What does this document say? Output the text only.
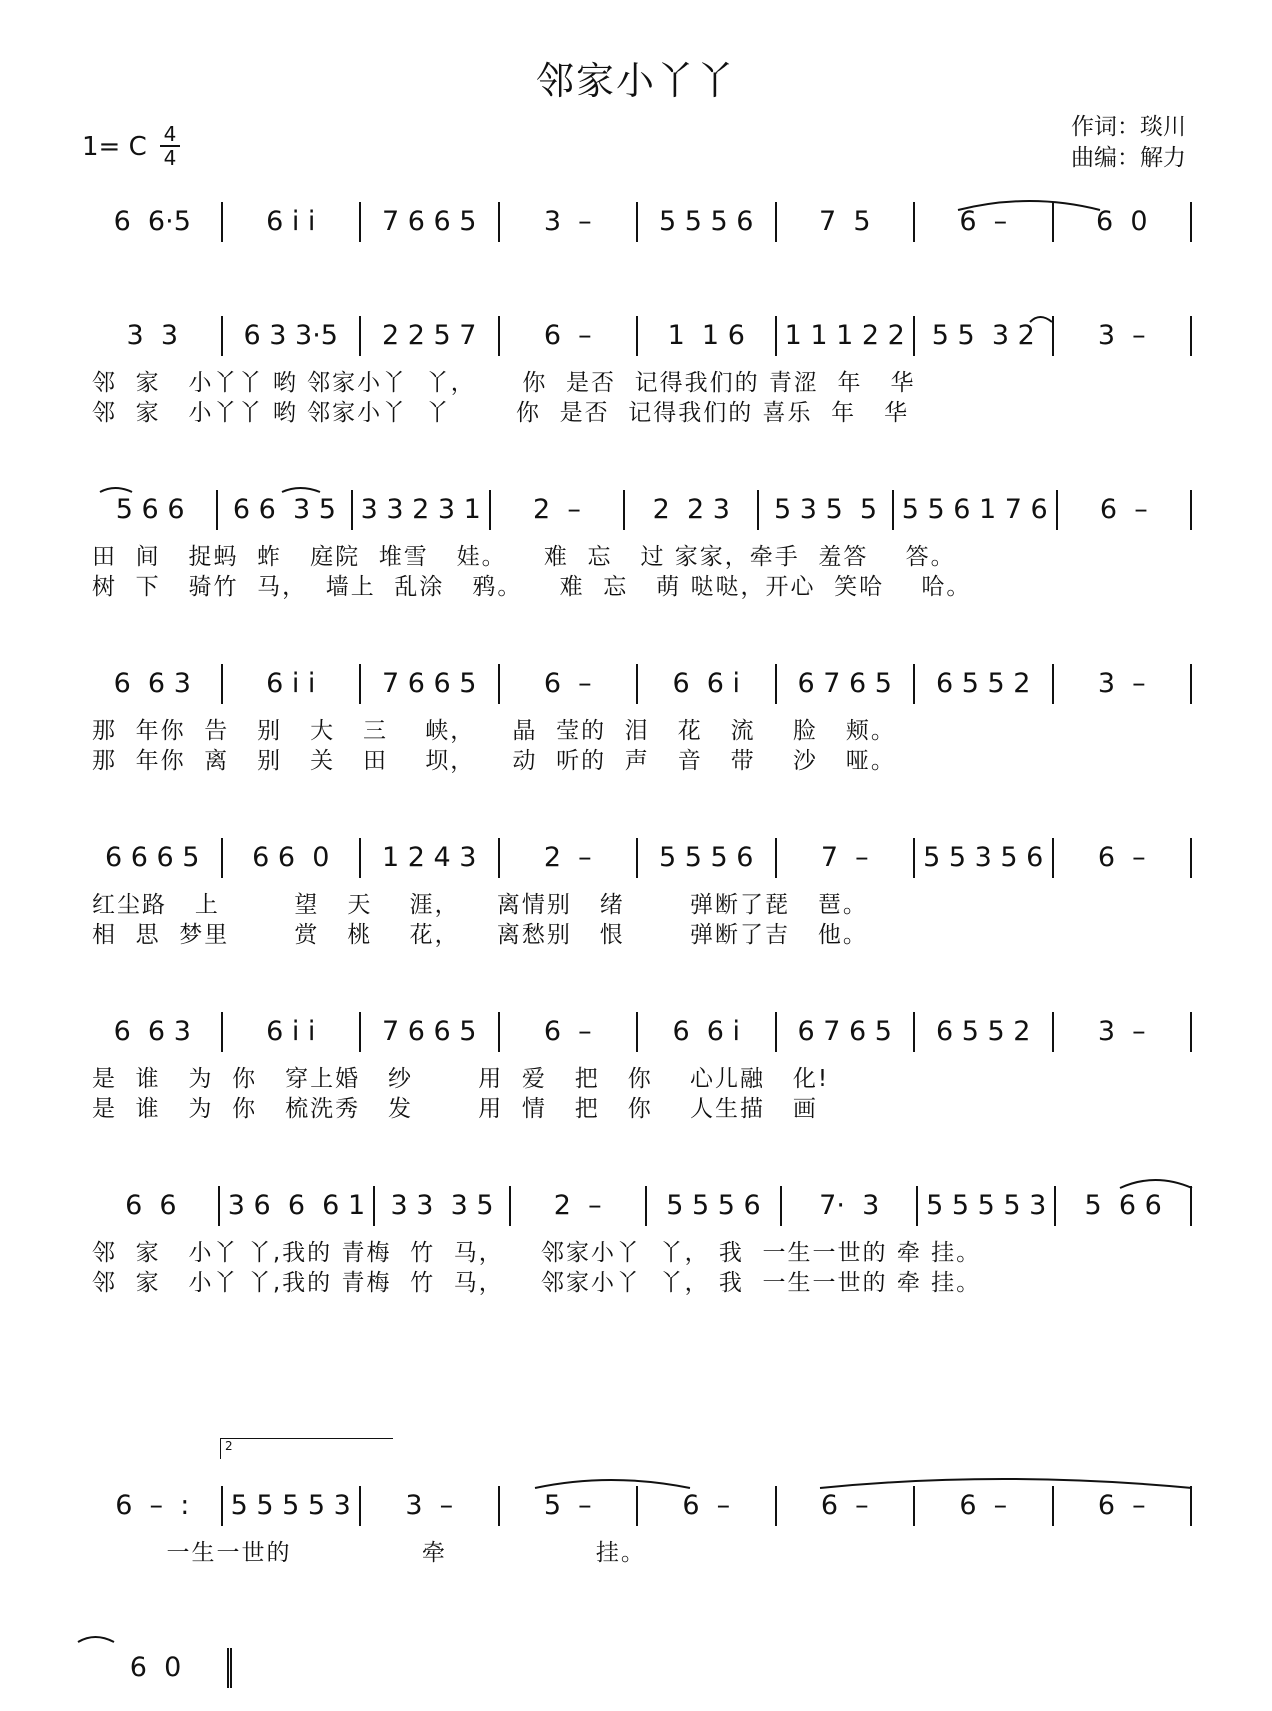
邻家小丫丫
1= C 4
4
作词：琰川
曲编：解力
6  6·5	6 i i	7 6 6 5	3  –	5 5 5 6	7  5	6  –	6  0
3  3	6 3 3·5	2 2 5 7	6  –	1  1 6	1 1 1 2 2 5 5  3 2	3  –
邻  家   小丫丫 哟 邻家小丫  丫，     你  是否  记得我们的 青涩  年   华
邻  家   小丫丫 哟 邻家小丫  丫       你  是否  记得我们的 喜乐  年   华
5 6 6	6 6  3 5 3 3 2 3 1	2  –	2  2 3	5 3 5  5 5 5 6 1 7 6	6  –
田  间   捉蚂  蚱   庭院  堆雪   娃。    难  忘   过 家家，牵手  羞答    答。
树  下   骑竹  马，  墙上  乱涂   鸦。    难  忘   萌 哒哒，开心  笑哈    哈。
6  6 3	6 i i	7 6 6 5	6  –	6  6 i	6 7 6 5	6 5 5 2	3  –
那  年你  告   别   大   三    峡，    晶  莹的  泪   花   流    脸   颊。
那  年你  离   别   关   田    坝，    动  听的  声   音   带    沙   哑。
6 6 6 5	6 6  0	1 2 4 3	2  –	5 5 5 6	7  –	5 5 3 5 6	6  –
红尘路   上        望   天    涯，    离情别   绪       弹断了琵   琶。
相  思  梦里       赏   桃    花，    离愁别   恨       弹断了吉   他。
6  6 3	6 i i	7 6 6 5	6  –	6  6 i	6 7 6 5	6 5 5 2	3  –
是  谁   为  你   穿上婚   纱       用  爱   把   你    心儿融   化!
是  谁   为  你   梳洗秀   发       用  情   把   你    人生描   画
6  6	3 6  6  6 1 3 3  3 5	2  –	5 5 5 6	7·  3	5 5 5 5 3	5  6 6
邻  家   小丫 丫,我的 青梅  竹  马，    邻家小丫  丫， 我  一生一世的 牵 挂。
邻  家   小丫 丫,我的 青梅  竹  马，    邻家小丫  丫， 我  一生一世的 牵 挂。
2
6  –  :	5 5 5 5 3	3  –	5  –	6  –	6  –	6  –	6  –
一生一世的              牵                挂。
6  0
